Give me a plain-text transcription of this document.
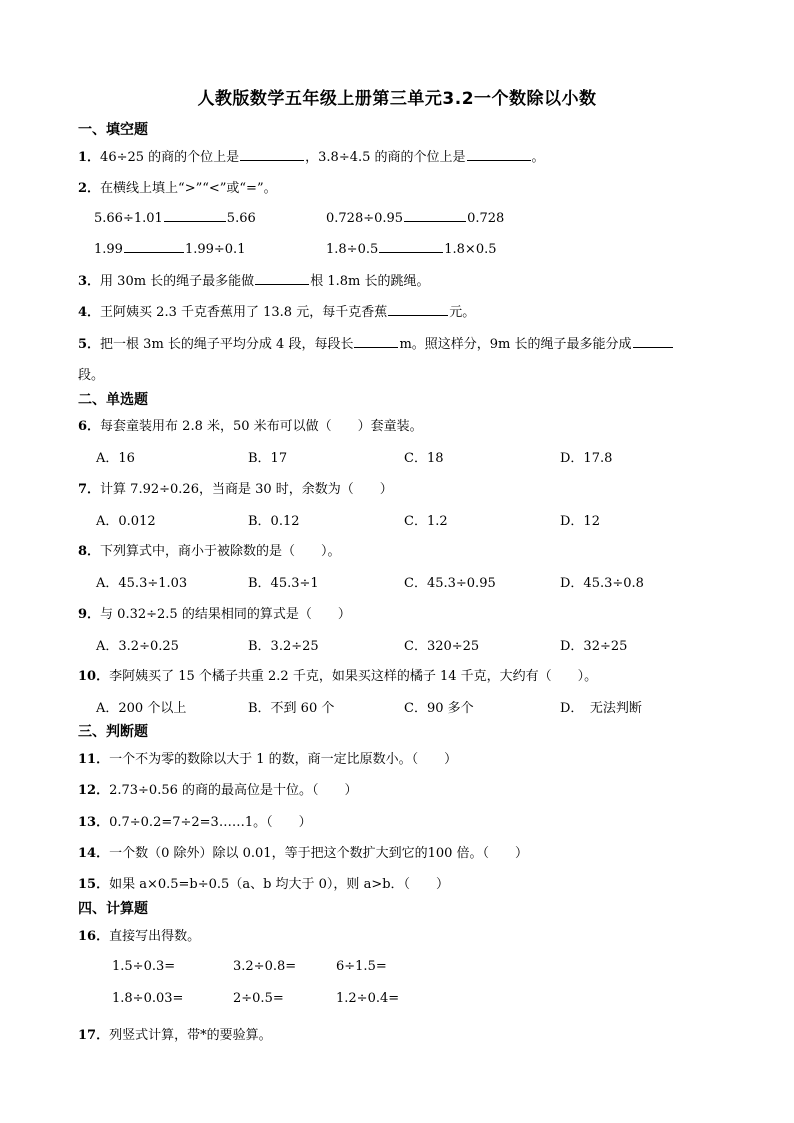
人教版数学五年级上册第三单元3.2一个数除以小数
一、填空题
1．46÷25 的商的个位上是	，3.8÷4.5 的商的个位上是	。
2．在横线上填上“>”“<”或“=”。
5.66÷1.01	5.66	0.728÷0.95	0.728
1.99	1.99÷0.1	1.8÷0.5	1.8×0.5
3．用 30m 长的绳子最多能做	根 1.8m 长的跳绳。
4．王阿姨买 2.3 千克香蕉用了 13.8 元，每千克香蕉	元。
5．把一根 3m 长的绳子平均分成 4 段，每段长	m。照这样分，9m 长的绳子最多能分成
段。
二、单选题
6．每套童装用布 2.8 米，50 米布可以做（　　）套童装。
A．16	B．17	C．18	D．17.8
7．计算 7.92÷0.26，当商是 30 时，余数为（　　）
A．0.012	B．0.12	C．1.2	D．12
8．下列算式中，商小于被除数的是（　　）。
A．45.3÷1.03	B．45.3÷1	C．45.3÷0.95	D．45.3÷0.8
9．与 0.32÷2.5 的结果相同的算式是（　　）
A．3.2÷0.25	B．3.2÷25	C．320÷25	D．32÷25
10．李阿姨买了 15 个橘子共重 2.2 千克，如果买这样的橘子 14 千克，大约有（　　）。
A．200 个以上	B．不到 60 个	C．90 多个	D．　无法判断
三、判断题
11．一个不为零的数除以大于 1 的数，商一定比原数小。（　　）
12．2.73÷0.56 的商的最高位是十位。（　　）
13．0.7÷0.2=7÷2=3……1。（　　）
14．一个数（0 除外）除以 0.01，等于把这个数扩大到它的100 倍。（　　）
15．如果 a×0.5=b÷0.5（a、b 均大于 0），则 a>b．（　　）
四、计算题
16．直接写出得数。
1.5÷0.3=	3.2÷0.8=	6÷1.5=
1.8÷0.03=	2÷0.5=	1.2÷0.4=
17．列竖式计算，带*的要验算。
